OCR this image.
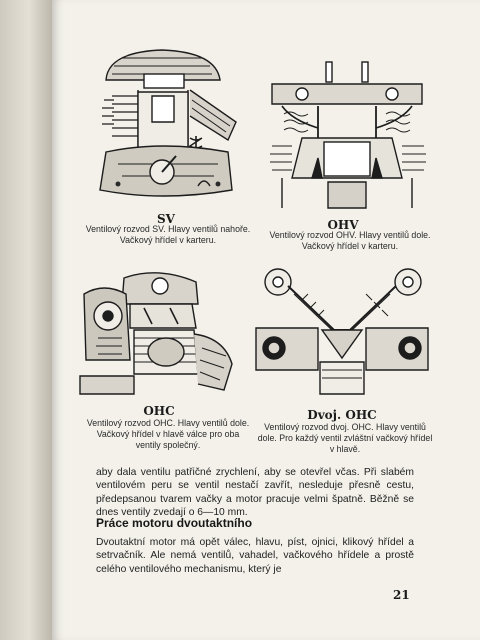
SV
Ventilový rozvod SV. Hlavy ventilů nahoře. Vačkový hřídel v karteru.
OHV
Ventilový rozvod OHV. Hlavy ventilů dole. Vačkový hřídel v karteru.
OHC
Ventilový rozvod OHC. Hlavy ventilů dole. Vačkový hřídel v hlavě válce pro oba ventily společný.
Dvoj. OHC
Ventilový rozvod dvoj. OHC. Hlavy ventilů dole. Pro každý ventil zvláštní vačkový hřídel v hlavě.
aby dala ventilu patřičné zrychlení, aby se otevřel včas. Při slabém ventilovém peru se ventil nestačí zavřít, nesleduje přesně cestu, předepsanou tvarem vačky a motor pracuje velmi špatně. Běžně se dnes ventily zvedají o 6—10 mm.
Práce motoru dvoutaktního
Dvoutaktní motor má opět válec, hlavu, píst, ojnici, klikový hřídel a setrvačník. Ale nemá ventilů, vahadel, vačkového hřídele a prostě celého ventilového mechanismu, který je
21
